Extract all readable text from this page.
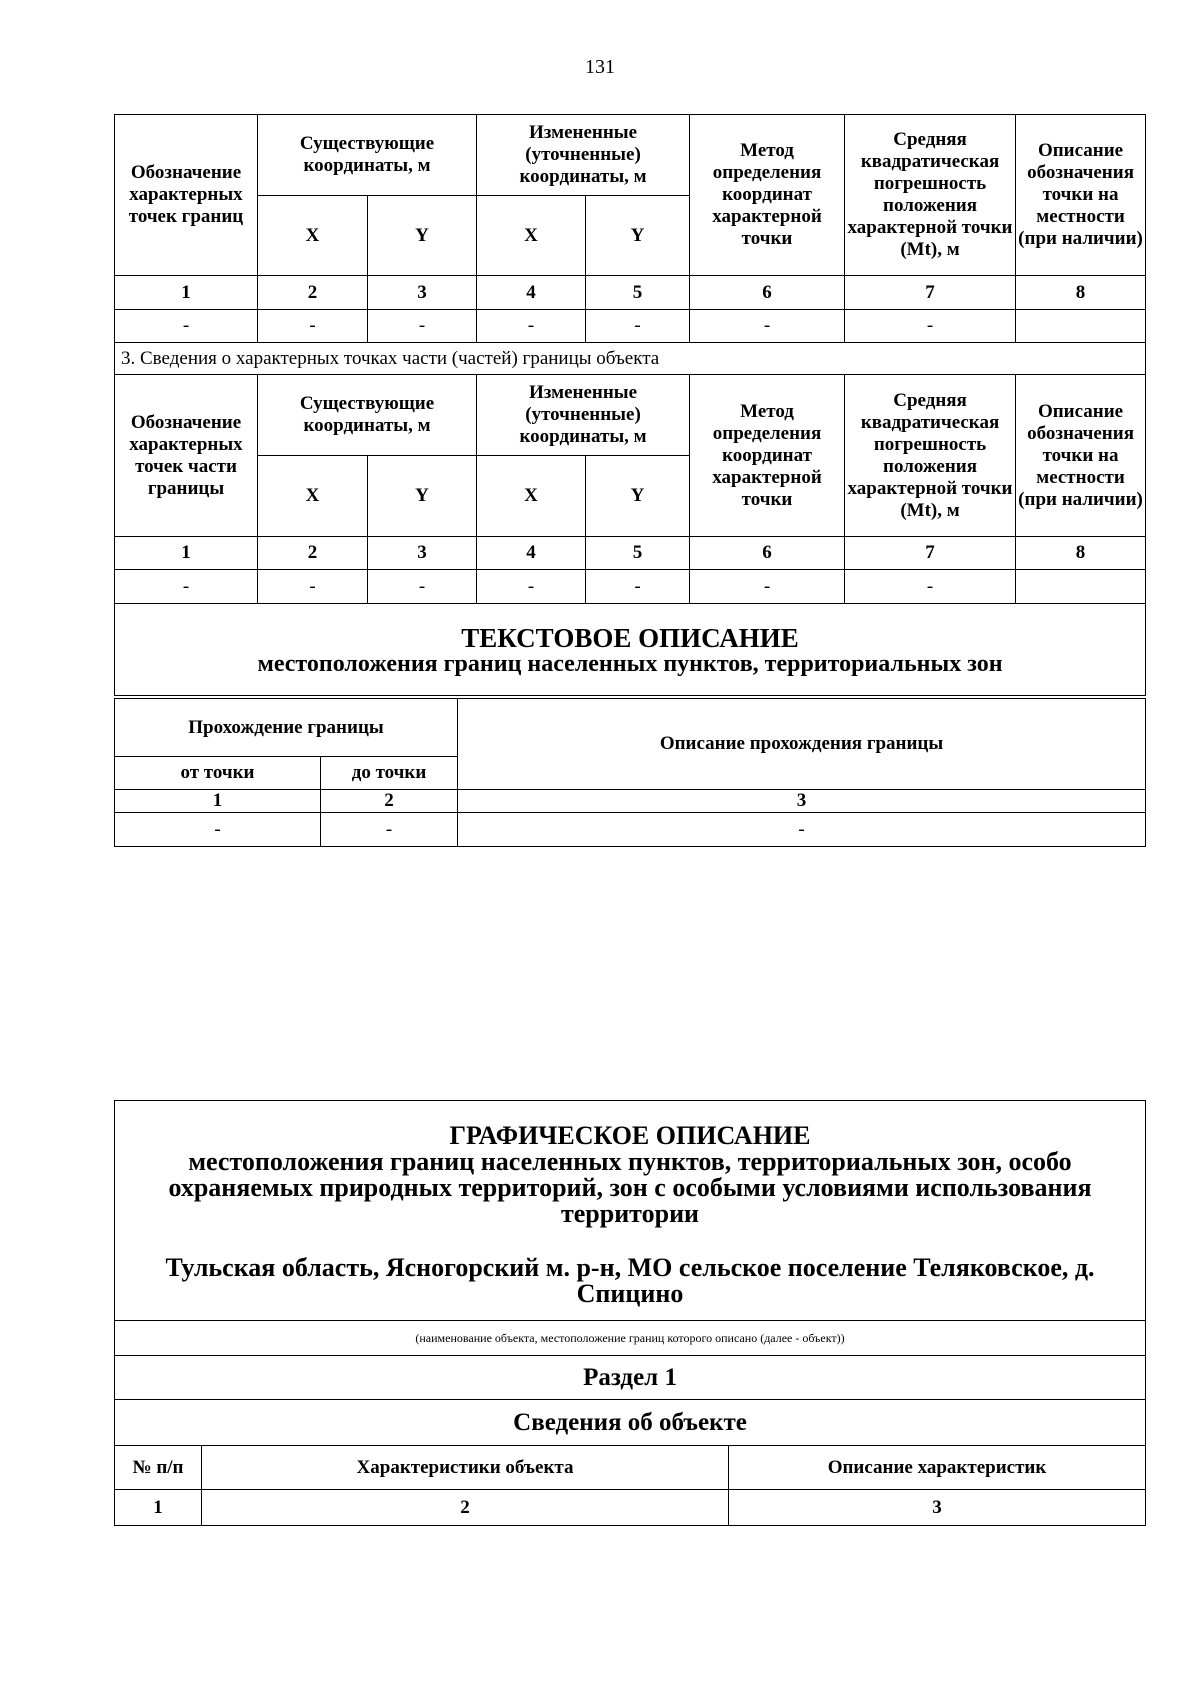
131
Обозначение характерных точек границ	Существующие координаты, м		Измененные (уточненные) координаты, м		Метод определения координат характерной точки	Средняя квадратическая погрешность положения характерной точки (Mt), м	Описание обозначения точки на местности (при наличии)
	X	Y	X	Y			
1	2	3	4	5	6	7	8
-	-	-	-	-	-	-	
3. Сведения о характерных точках части (частей) границы объекта							
Обозначение характерных точек части границы	Существующие координаты, м		Измененные (уточненные) координаты, м		Метод определения координат характерной точки	Средняя квадратическая погрешность положения характерной точки (Mt), м	Описание обозначения точки на местности (при наличии)
	X	Y	X	Y			
1	2	3	4	5	6	7	8
-	-	-	-	-	-	-	

ТЕКСТОВОЕ ОПИСАНИЕ
местоположения границ населенных пунктов, территориальных зон							
Прохождение границы		Описание прохождения границы
от точки	до точки	
1	2	3
-	-	-
ГРАФИЧЕСКОЕ ОПИСАНИЕ
местоположения границ населенных пунктов, территориальных зон, особо охраняемых природных территорий, зон с особыми условиями использования территории
Тульская область, Ясногорский м. р-н, МО сельское поселение Теляковское, д. Спицино		

(наименование объекта, местоположение границ которого описано (далее - объект))		
Раздел 1		
Сведения об объекте		
№ п/п	Характеристики объекта	Описание характеристик
1	2	3
